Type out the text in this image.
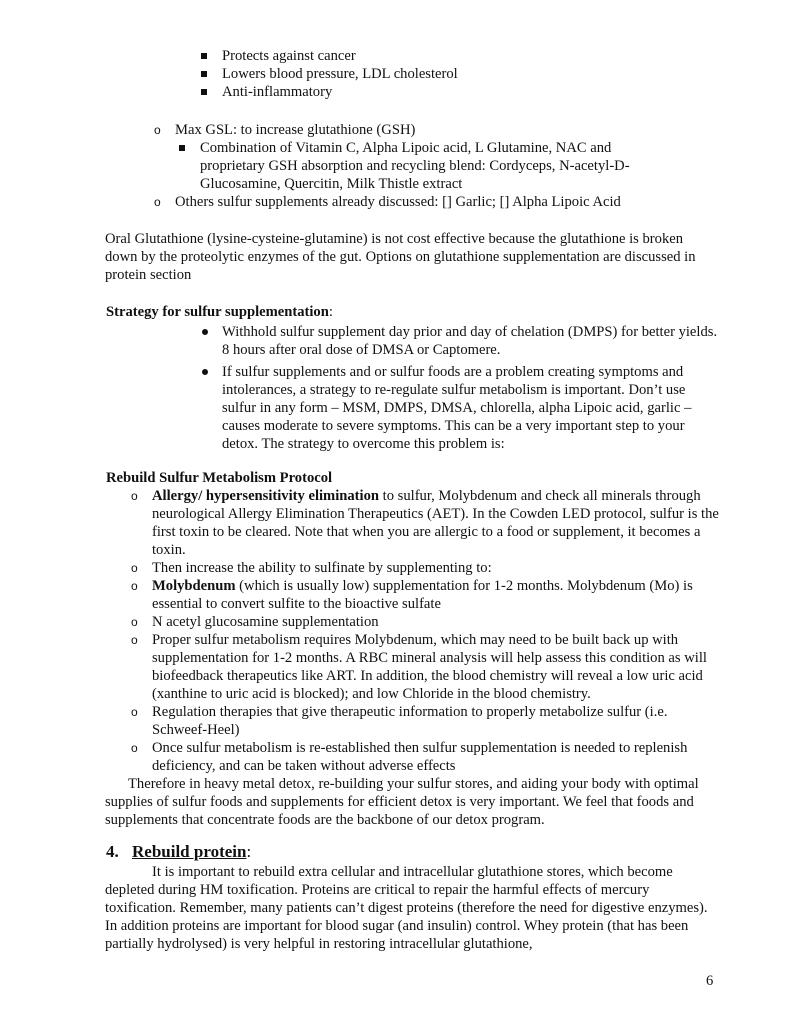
Protects against cancer
Lowers blood pressure, LDL cholesterol
Anti-inflammatory
o Max GSL: to increase glutathione (GSH)
Combination of Vitamin C, Alpha Lipoic acid, L Glutamine, NAC and proprietary GSH absorption and recycling blend: Cordyceps, N-acetyl-D-Glucosamine, Quercitin, Milk Thistle extract
o Others sulfur supplements already discussed: [] Garlic; [] Alpha Lipoic Acid

Oral Glutathione (lysine-cysteine-glutamine) is not cost effective because the glutathione is broken down by the proteolytic enzymes of the gut. Options on glutathione supplementation are discussed in protein section

Strategy for sulfur supplementation:

Withhold sulfur supplement day prior and day of chelation (DMPS) for better yields. 8 hours after oral dose of DMSA or Captomere.
If sulfur supplements and or sulfur foods are a problem creating symptoms and intolerances, a strategy to re-regulate sulfur metabolism is important. Don’t use sulfur in any form – MSM, DMPS, DMSA, chlorella, alpha Lipoic acid, garlic – causes moderate to severe symptoms. This can be a very important step to your detox. The strategy to overcome this problem is:

Rebuild Sulfur Metabolism Protocol

o Allergy/ hypersensitivity elimination to sulfur, Molybdenum and check all minerals through neurological Allergy Elimination Therapeutics (AET). In the Cowden LED protocol, sulfur is the first toxin to be cleared. Note that when you are allergic to a food or supplement, it becomes a toxin.
o Then increase the ability to sulfinate by supplementing to:
o Molybdenum (which is usually low) supplementation for 1-2 months. Molybdenum (Mo) is essential to convert sulfite to the bioactive sulfate
o N acetyl glucosamine supplementation
o Proper sulfur metabolism requires Molybdenum, which may need to be built back up with supplementation for 1-2 months. A RBC mineral analysis will help assess this condition as will biofeedback therapeutics like ART. In addition, the blood chemistry will reveal a low uric acid (xanthine to uric acid is blocked); and low Chloride in the blood chemistry.
o Regulation therapies that give therapeutic information to properly metabolize sulfur (i.e. Schweef-Heel)
o Once sulfur metabolism is re-established then sulfur supplementation is needed to replenish deficiency, and can be taken without adverse effects

Therefore in heavy metal detox, re-building your sulfur stores, and aiding your body with optimal supplies of sulfur foods and supplements for efficient detox is very important. We feel that foods and supplements that concentrate foods are the backbone of our detox program.

4. Rebuild protein:

It is important to rebuild extra cellular and intracellular glutathione stores, which become depleted during HM toxification. Proteins are critical to repair the harmful effects of mercury toxification. Remember, many patients can’t digest proteins (therefore the need for digestive enzymes). In addition proteins are important for blood sugar (and insulin) control. Whey protein (that has been partially hydrolysed) is very helpful in restoring intracellular glutathione,

6
